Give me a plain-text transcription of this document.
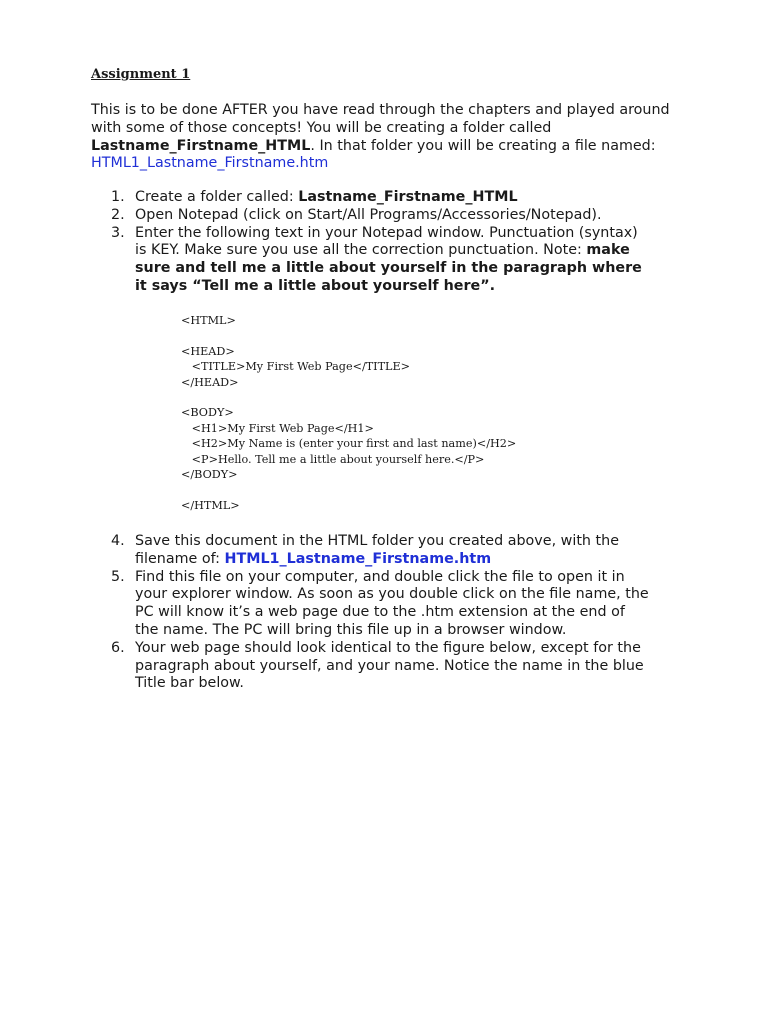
Assignment 1

This is to be done AFTER you have read through the chapters and played around with some of those concepts! You will be creating a folder called Lastname_Firstname_HTML. In that folder you will be creating a file named: HTML1_Lastname_Firstname.htm

1. Create a folder called: Lastname_Firstname_HTML
2. Open Notepad (click on Start/All Programs/Accessories/Notepad).
3. Enter the following text in your Notepad window. Punctuation (syntax) is KEY. Make sure you use all the correction punctuation. Note: make sure and tell me a little about yourself in the paragraph where it says “Tell me a little about yourself here”.
<HTML>

<HEAD>
<TITLE>My First Web Page</TITLE>
</HEAD>

<BODY>
<H1>My First Web Page</H1>
<H2>My Name is (enter your first and last name)</H2>
<P>Hello. Tell me a little about yourself here.</P>
</BODY>

</HTML>
4. Save this document in the HTML folder you created above, with the filename of: HTML1_Lastname_Firstname.htm
5. Find this file on your computer, and double click the file to open it in your explorer window. As soon as you double click on the file name, the PC will know it’s a web page due to the .htm extension at the end of the name. The PC will bring this file up in a browser window.
6. Your web page should look identical to the figure below, except for the paragraph about yourself, and your name. Notice the name in the blue Title bar below.
